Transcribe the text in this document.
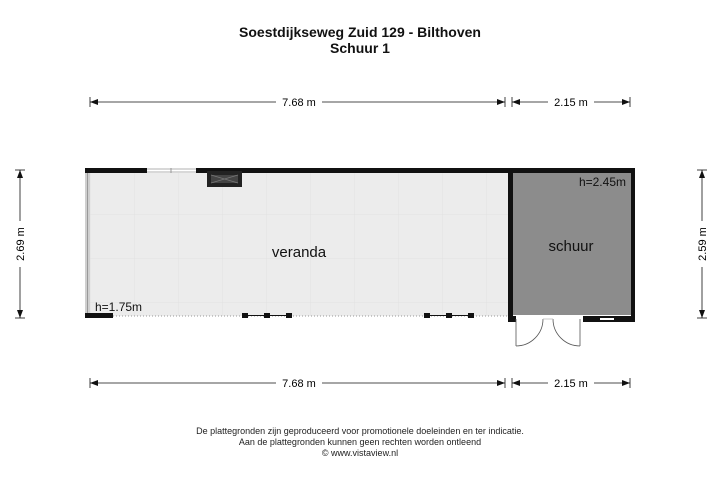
Soestdijkseweg Zuid 129 - Bilthoven
Schuur 1
7.68 m	2.15 m
7.68 m	2.15 m
2.69 m	2.59 m
veranda
h=1.75m
schuur
h=2.45m
De plattegronden zijn geproduceerd voor promotionele doeleinden en ter indicatie.
Aan de plattegronden kunnen geen rechten worden ontleend
© www.vistaview.nl
